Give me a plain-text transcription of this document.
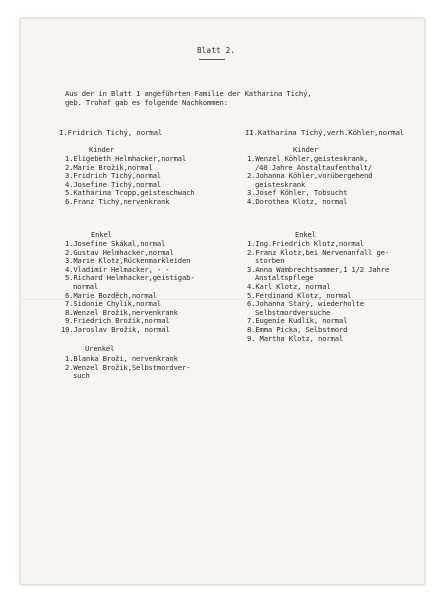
Blatt 2.
Aus der in Blatt 1 angeführten Familie der Katharina Tichý,
geb. Trohaf gab es folgende Nachkommen:
I.Fridrich Tichý, normal
Kinder
1.Eligebeth Helmhacker,normal
2.Marie Brožik,normal
3.Fridrich Tichý,normal
4.Josefine Tichý,normal
5.Katharina Tropp,geisteschwach
6.Franz Tichý,nervenkrank
Enkel
1.Josefine Skákal,normal
2.Gustav Helmhacker,normal
3.Marie Klotz,Rückenmarkleiden
4.Vladimír Helmacker, - -
5.Richard Helmhacker,geistigab-
normal
6.Marie Bozděch,normal
7.Sidonie Chylík,normal
8.Wenzel Brožik,nervenkrank
9.Friedrich Brožik,normal
10.Jaroslav Brožik, normal
Urenkel
1.Blanka Broži, nervenkrank
2.Wenzel Brožik,Selbstmordver-
such
II.Katharina Tichý,verh.Köhler,normal
Kinder
1.Wenzel Köhler,geisteskrank,
/40 Jahre Anstaltaufenthalt/
2.Johanna Köhler,vorübergehend
geisteskrank
3.Josef Köhler, Tobsucht
4.Dorothea Klotz, normal
Enkel
1.Ing.Friedrich Klotz,normal
2.Franz Klotz,bei Nervenanfall ge-
storben
3.Anna Wambrechtsammer,1 1/2 Jahre
Anstaltspflege
4.Karl Klotz, normal
5.Ferdinand Klotz, normal
6.Johanna Starý, wiederholte
Selbstmordversuche
7.Eugenie Kudlík, normal
8.Emma Picka, Selbstmord
9. Martha Klotz, normal
